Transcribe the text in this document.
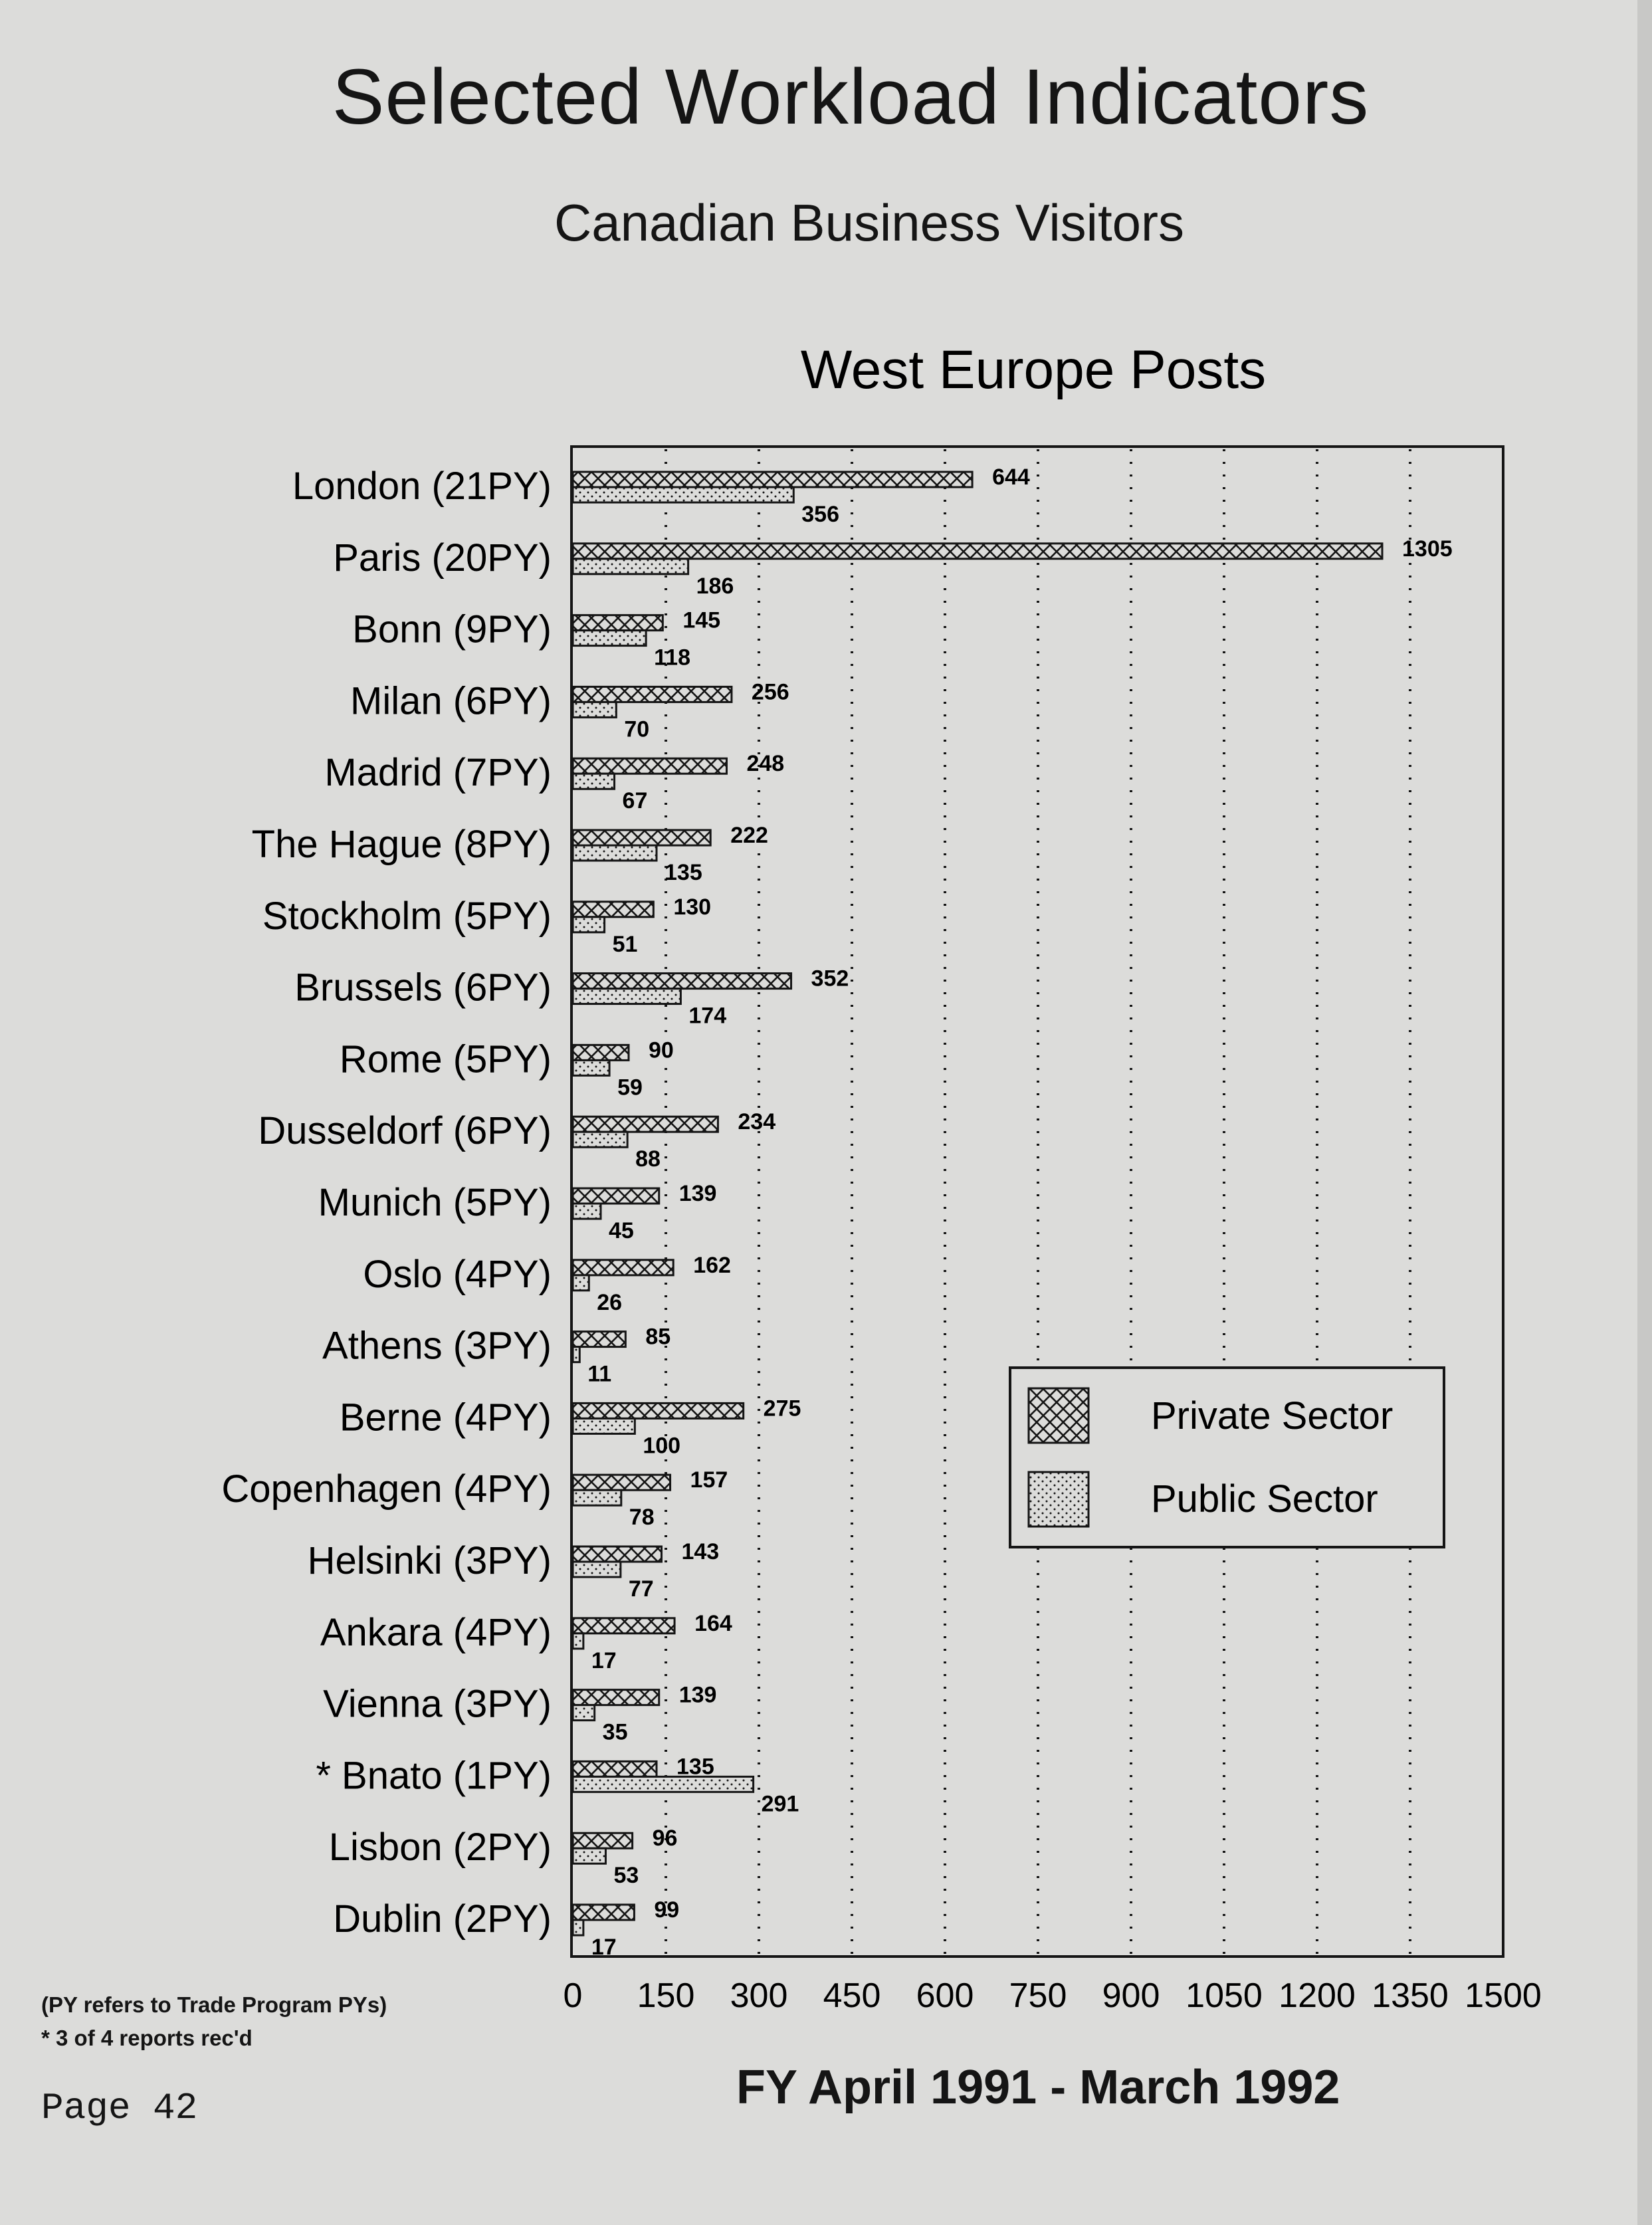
Selected Workload Indicators
Canadian Business Visitors
West Europe Posts
644
356
1305
186
145
118
256
70
248
67
222
135
130
51
352
174
90
59
234
88
139
45
162
26
85
11
275
100
157
78
143
77
164
17
139
35
135
291
96
53
99
17
London (21PY)
Paris (20PY)
Bonn (9PY)
Milan (6PY)
Madrid (7PY)
The Hague (8PY)
Stockholm (5PY)
Brussels (6PY)
Rome (5PY)
Dusseldorf (6PY)
Munich (5PY)
Oslo (4PY)
Athens (3PY)
Berne (4PY)
Copenhagen (4PY)
Helsinki (3PY)
Ankara (4PY)
Vienna (3PY)
* Bnato (1PY)
Lisbon (2PY)
Dublin (2PY)
0 150 300 450 600 750 900 1050 1200 1350 1500
Private Sector
Public Sector
(PY refers to Trade Program PYs)
* 3 of 4 reports rec'd
Page 42	FY April 1991 - March 1992
